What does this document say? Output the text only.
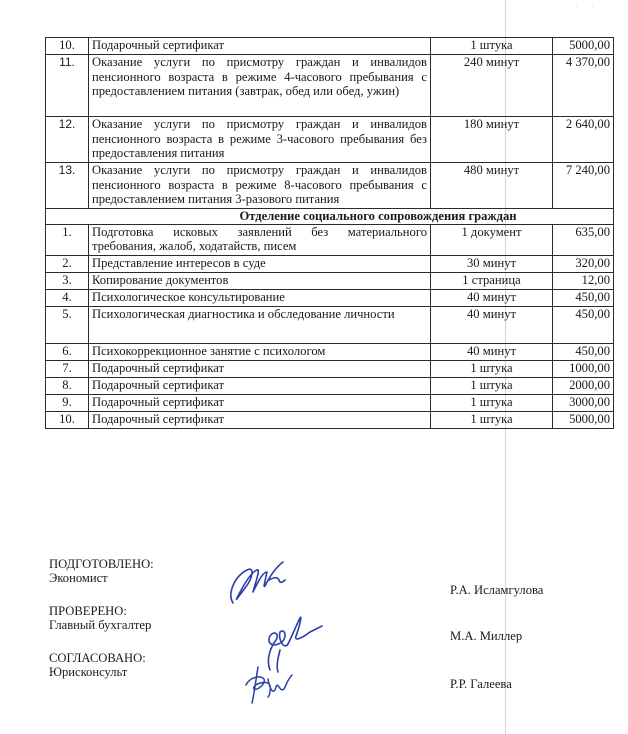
· ·
10.	Подарочный сертификат	1 штука	5000,00
11.	Оказание услуги по присмотру граждан и инвалидов пенсионного возраста в режиме 4-часового пребывания с предоставлением питания (завтрак, обед или обед, ужин)	240 минут	4 370,00
12.	Оказание услуги по присмотру граждан и инвалидов пенсионного возраста в режиме 3-часового пребывания без предоставления питания	180 минут	2 640,00
13.	Оказание услуги по присмотру граждан и инвалидов пенсионного возраста в режиме 8-часового пребывания с предоставлением питания 3-разового питания	480 минут	7 240,00
Отделение социального сопровождения граждан			
1.	Подготовка исковых заявлений без материального требования, жалоб, ходатайств, писем	1 документ	635,00
2.	Представление интересов в суде	30 минут	320,00
3.	Копирование документов	1 страница	12,00
4.	Психологическое консультирование	40 минут	450,00
5.	Психологическая диагностика и обследование личности	40 минут	450,00
6.	Психокоррекционное занятие с психологом	40 минут	450,00
7.	Подарочный сертификат	1 штука	1000,00
8.	Подарочный сертификат	1 штука	2000,00
9.	Подарочный сертификат	1 штука	3000,00
10.	Подарочный сертификат	1 штука	5000,00
ПОДГОТОВЛЕНО:
Экономист
Р.А. Исламгулова
ПРОВЕРЕНО:
Главный бухгалтер
М.А. Миллер
СОГЛАСОВАНО:
Юрисконсульт
Р.Р. Галеева
